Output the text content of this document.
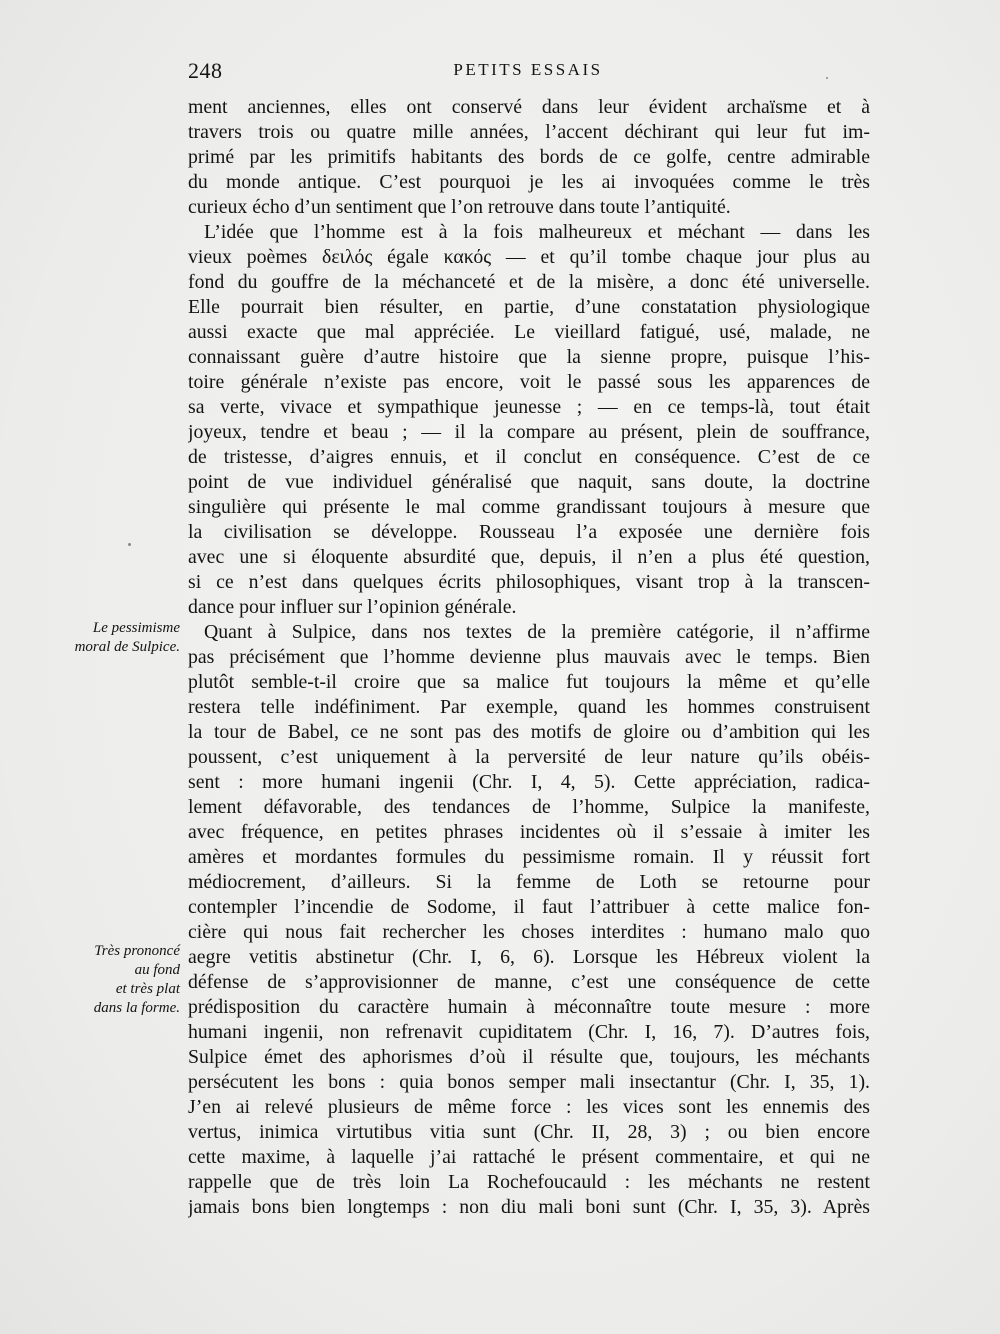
248	PETITS ESSAIS
Le pessimisme
moral de Sulpice.
Très prononcé
au fond
et très plat
dans la forme.
ment anciennes, elles ont conservé dans leur évident archaïsme et à
travers trois ou quatre mille années, l’accent déchirant qui leur fut im-
primé par les primitifs habitants des bords de ce golfe, centre admirable
du monde antique. C’est pourquoi je les ai invoquées comme le très
curieux écho d’un sentiment que l’on retrouve dans toute l’antiquité.
L’idée que l’homme est à la fois malheureux et méchant — dans les
vieux poèmes δειλός égale κακός — et qu’il tombe chaque jour plus au
fond du gouffre de la méchanceté et de la misère, a donc été universelle.
Elle pourrait bien résulter, en partie, d’une constatation physiologique
aussi exacte que mal appréciée. Le vieillard fatigué, usé, malade, ne
connaissant guère d’autre histoire que la sienne propre, puisque l’his-
toire générale n’existe pas encore, voit le passé sous les apparences de
sa verte, vivace et sympathique jeunesse ; — en ce temps-là, tout était
joyeux, tendre et beau ; — il la compare au présent, plein de souffrance,
de tristesse, d’aigres ennuis, et il conclut en conséquence. C’est de ce
point de vue individuel généralisé que naquit, sans doute, la doctrine
singulière qui présente le mal comme grandissant toujours à mesure que
la civilisation se développe. Rousseau l’a exposée une dernière fois
avec une si éloquente absurdité que, depuis, il n’en a plus été question,
si ce n’est dans quelques écrits philosophiques, visant trop à la transcen-
dance pour influer sur l’opinion générale.
Quant à Sulpice, dans nos textes de la première catégorie, il n’affirme
pas précisément que l’homme devienne plus mauvais avec le temps. Bien
plutôt semble-t-il croire que sa malice fut toujours la même et qu’elle
restera telle indéfiniment. Par exemple, quand les hommes construisent
la tour de Babel, ce ne sont pas des motifs de gloire ou d’ambition qui les
poussent, c’est uniquement à la perversité de leur nature qu’ils obéis-
sent : more humani ingenii (Chr. I, 4, 5). Cette appréciation, radica-
lement défavorable, des tendances de l’homme, Sulpice la manifeste,
avec fréquence, en petites phrases incidentes où il s’essaie à imiter les
amères et mordantes formules du pessimisme romain. Il y réussit fort
médiocrement, d’ailleurs. Si la femme de Loth se retourne pour
contempler l’incendie de Sodome, il faut l’attribuer à cette malice fon-
cière qui nous fait rechercher les choses interdites : humano malo quo
aegre vetitis abstinetur (Chr. I, 6, 6). Lorsque les Hébreux violent la
défense de s’approvisionner de manne, c’est une conséquence de cette
prédisposition du caractère humain à méconnaître toute mesure : more
humani ingenii, non refrenavit cupiditatem (Chr. I, 16, 7). D’autres fois,
Sulpice émet des aphorismes d’où il résulte que, toujours, les méchants
persécutent les bons : quia bonos semper mali insectantur (Chr. I, 35, 1).
J’en ai relevé plusieurs de même force : les vices sont les ennemis des
vertus, inimica virtutibus vitia sunt (Chr. II, 28, 3) ; ou bien encore
cette maxime, à laquelle j’ai rattaché le présent commentaire, et qui ne
rappelle que de très loin La Rochefoucauld : les méchants ne restent
jamais bons bien longtemps : non diu mali boni sunt (Chr. I, 35, 3). Après
